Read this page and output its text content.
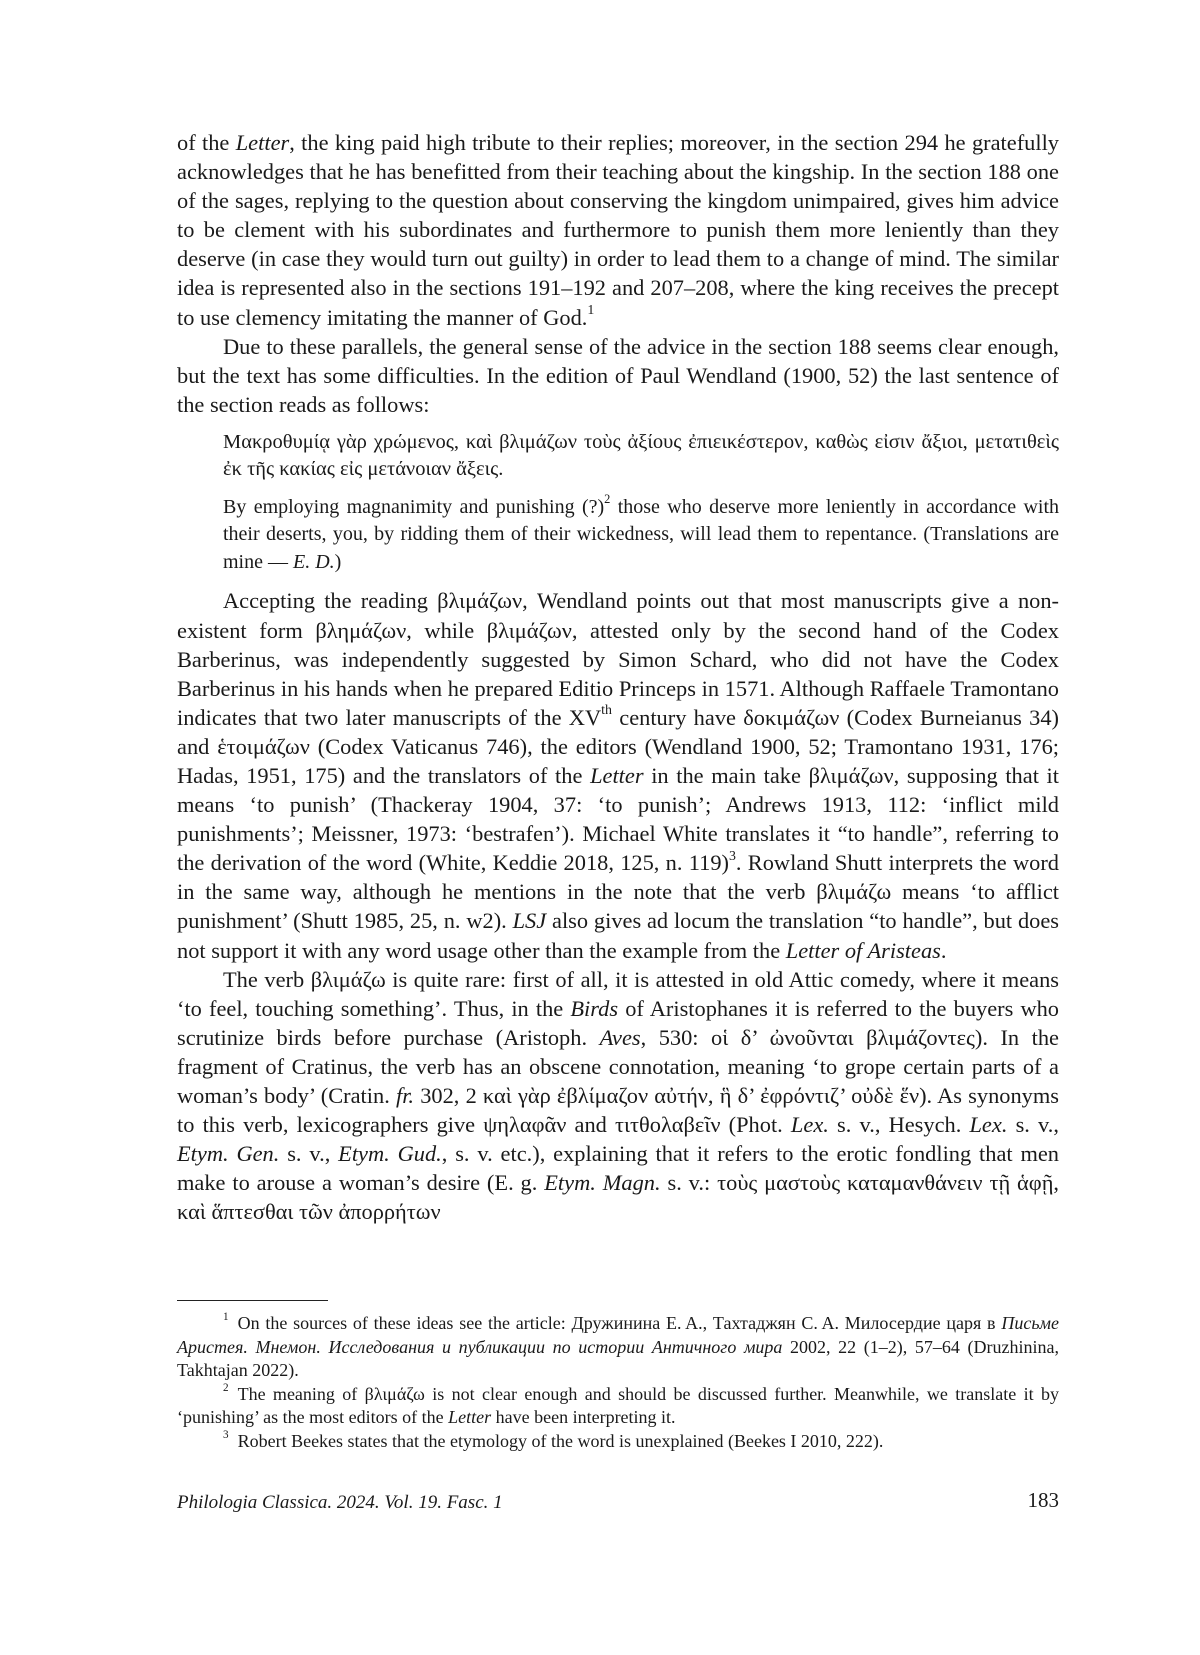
of the Letter, the king paid high tribute to their replies; moreover, in the section 294 he gratefully acknowledges that he has benefitted from their teaching about the kingship. In the section 188 one of the sages, replying to the question about conserving the kingdom unimpaired, gives him advice to be clement with his subordinates and furthermore to punish them more leniently than they deserve (in case they would turn out guilty) in order to lead them to a change of mind. The similar idea is represented also in the sections 191–192 and 207–208, where the king receives the precept to use clemency imitating the manner of God.$^1$

Due to these parallels, the general sense of the advice in the section 188 seems clear enough, but the text has some difficulties. In the edition of Paul Wendland (1900, 52) the last sentence of the section reads as follows:

Μακροθυμίᾳ γὰρ χρώμενος, καὶ βλιμάζων τοὺς ἀξίους ἐπιεικέστερον, καθὼς εἰσιν ἄξιοι, μετατιθεὶς ἐκ τῆς κακίας εἰς μετάνοιαν ἄξεις.

By employing magnanimity and punishing (?)$^2$ those who deserve more leniently in accordance with their deserts, you, by ridding them of their wickedness, will lead them to repentance. (Translations are mine — E. D.)

Accepting the reading βλιμάζων, Wendland points out that most manuscripts give a non-existent form βλημάζων, while βλιμάζων, attested only by the second hand of the Codex Barberinus, was independently suggested by Simon Schard, who did not have the Codex Barberinus in his hands when he prepared Editio Princeps in 1571. Although Raffaele Tramontano indicates that two later manuscripts of the XVth century have δοκιμάζων (Codex Burneianus 34) and ἑτοιμάζων (Codex Vaticanus 746), the editors (Wendland 1900, 52; Tramontano 1931, 176; Hadas, 1951, 175) and the translators of the Letter in the main take βλιμάζων, supposing that it means ‘to punish’ (Thackeray 1904, 37: ‘to punish’; Andrews 1913, 112: ‘inflict mild punishments’; Meissner, 1973: ‘bestrafen’). Michael White translates it “to handle”, referring to the derivation of the word (White, Keddie 2018, 125, n. 119)$^3$. Rowland Shutt interprets the word in the same way, although he mentions in the note that the verb βλιμάζω means ‘to afflict punishment’ (Shutt 1985, 25, n. w2). LSJ also gives ad locum the translation “to handle”, but does not support it with any word usage other than the example from the Letter of Aristeas.

The verb βλιμάζω is quite rare: first of all, it is attested in old Attic comedy, where it means ‘to feel, touching something’. Thus, in the Birds of Aristophanes it is referred to the buyers who scrutinize birds before purchase (Aristoph. Aves, 530: οἱ δ’ ὠνοῦνται βλιμάζοντες). In the fragment of Cratinus, the verb has an obscene connotation, meaning ‘to grope certain parts of a woman’s body’ (Cratin. fr. 302, 2 καὶ γὰρ ἐβλίμαζον αὐτήν, ἣ δ’ ἐφρόντιζ’ οὐδὲ ἕν). As synonyms to this verb, lexicographers give ψηλαφᾶν and τιτθολαβεῖν (Phot. Lex. s. v., Hesych. Lex. s. v., Etym. Gen. s. v., Etym. Gud., s. v. etc.), explaining that it refers to the erotic fondling that men make to arouse a woman’s desire (E. g. Etym. Magn. s. v.: τοὺς μαστοὺς καταμανθάνειν τῇ ἁφῇ, καὶ ἅπτεσθαι τῶν ἀπορρήτων

$^1$ On the sources of these ideas see the article: Дружинина Е. А., Тахтаджян С. А. Милосердие царя в Письме Аристея. Мнемон. Исследования и публикации по истории Античного мира 2002, 22 (1–2), 57–64 (Druzhinina, Takhtajan 2022).

$^2$ The meaning of βλιμάζω is not clear enough and should be discussed further. Meanwhile, we translate it by ‘punishing’ as the most editors of the Letter have been interpreting it.

$^3$ Robert Beekes states that the etymology of the word is unexplained (Beekes I 2010, 222).

Philologia Classica. 2024. Vol. 19. Fasc. 1	183
